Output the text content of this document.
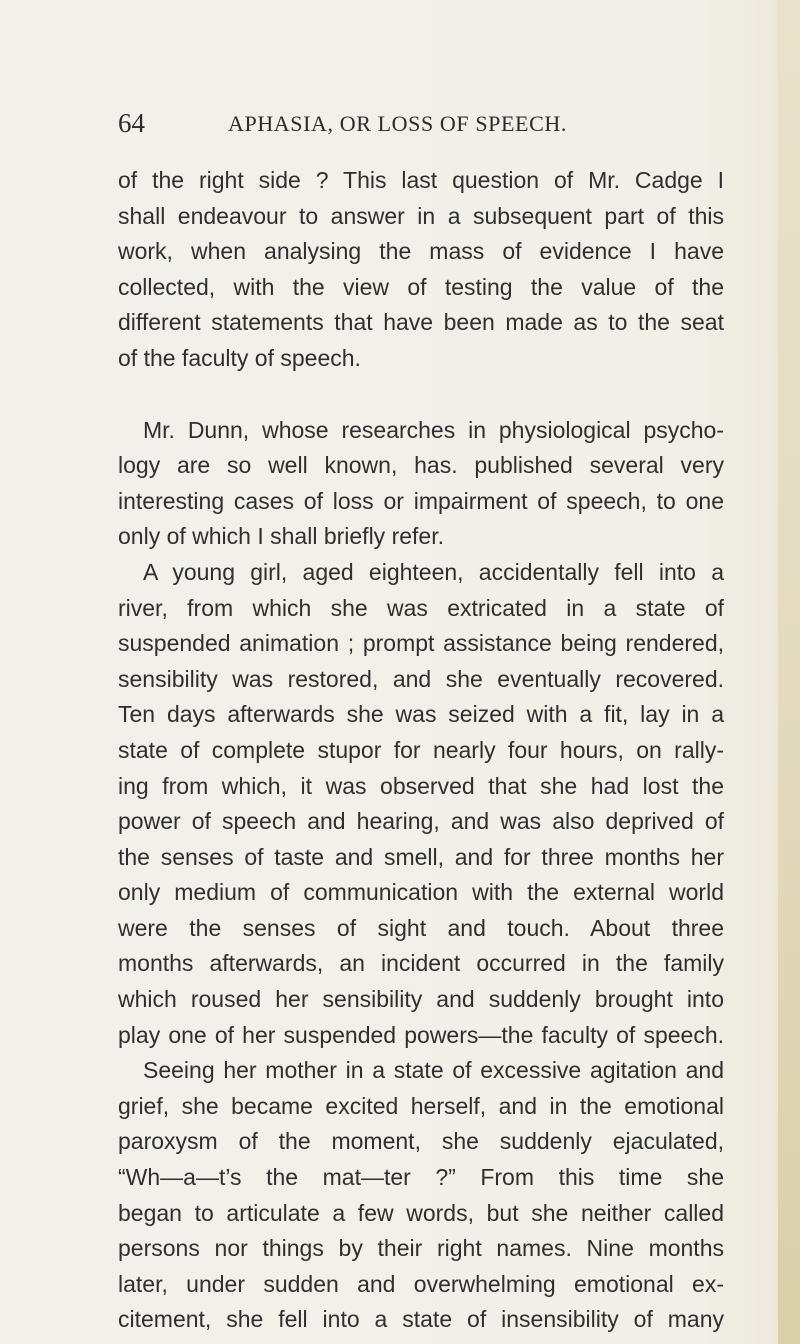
64	APHASIA, OR LOSS OF SPEECH.
of the right side ? This last question of Mr. Cadge I
shall endeavour to answer in a subsequent part of this
work, when analysing the mass of evidence I have
collected, with the view of testing the value of the
different statements that have been made as to the seat
of the faculty of speech.
Mr. Dunn, whose researches in physiological psycho-
logy are so well known, has. published several very
interesting cases of loss or impairment of speech, to one
only of which I shall briefly refer.
A young girl, aged eighteen, accidentally fell into a
river, from which she was extricated in a state of
suspended animation ; prompt assistance being rendered,
sensibility was restored, and she eventually recovered.
Ten days afterwards she was seized with a fit, lay in a
state of complete stupor for nearly four hours, on rally-
ing from which, it was observed that she had lost the
power of speech and hearing, and was also deprived of
the senses of taste and smell, and for three months her
only medium of communication with the external world
were the senses of sight and touch. About three
months afterwards, an incident occurred in the family
which roused her sensibility and suddenly brought into
play one of her suspended powers—the faculty of speech.
Seeing her mother in a state of excessive agitation and
grief, she became excited herself, and in the emotional
paroxysm of the moment, she suddenly ejaculated,
“Wh—a—t’s the mat—ter ?” From this time she
began to articulate a few words, but she neither called
persons nor things by their right names. Nine months
later, under sudden and overwhelming emotional ex-
citement, she fell into a state of insensibility of many
